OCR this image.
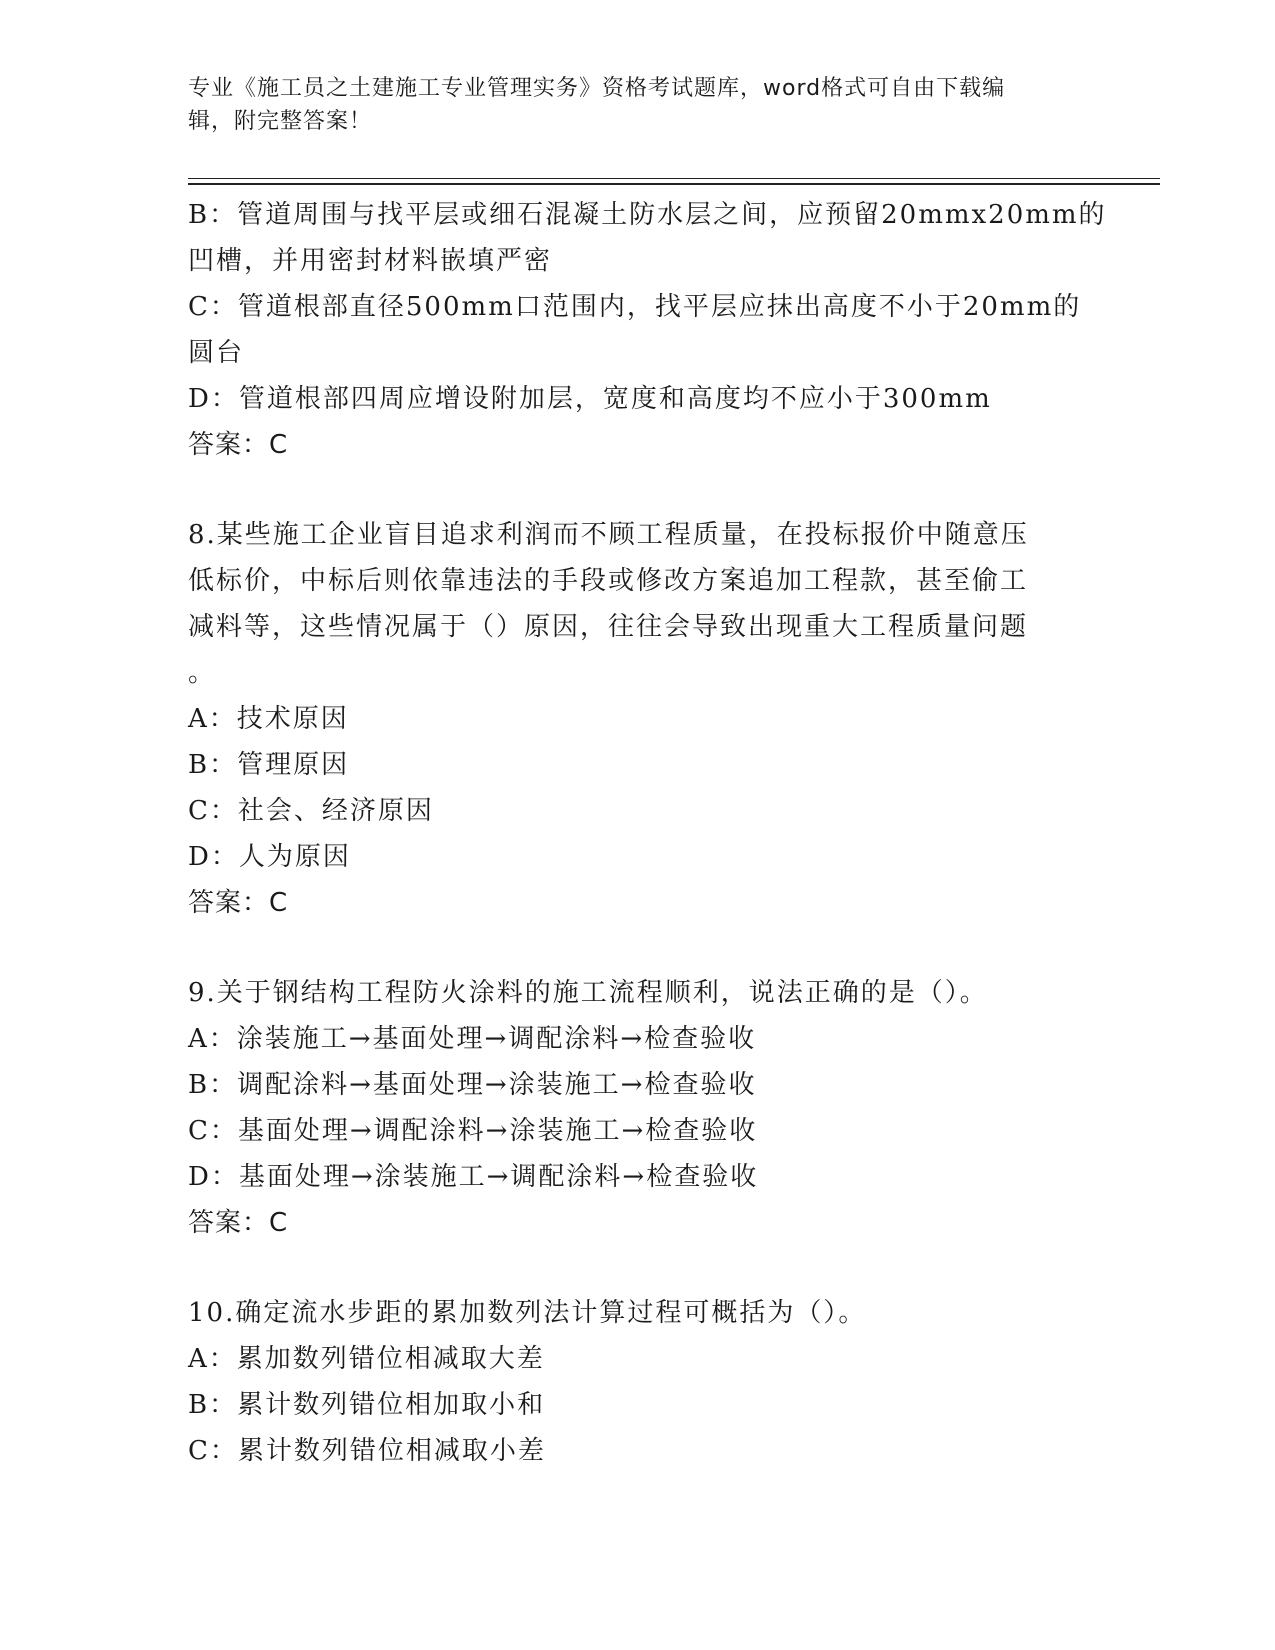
专业《施工员之土建施工专业管理实务》资格考试题库，word格式可自由下载编
辑，附完整答案！

B：管道周围与找平层或细石混凝土防水层之间，应预留20mmx20mm的

凹槽，并用密封材料嵌填严密

C：管道根部直径500mm口范围内，找平层应抹出高度不小于20mm的

圆台

D：管道根部四周应增设附加层，宽度和高度均不应小于300mm

答案：C

8.某些施工企业盲目追求利润而不顾工程质量，在投标报价中随意压

低标价，中标后则依靠违法的手段或修改方案追加工程款，甚至偷工

减料等，这些情况属于（）原因，往往会导致出现重大工程质量问题

。

A：技术原因

B：管理原因

C：社会、经济原因

D：人为原因

答案：C

9.关于钢结构工程防火涂料的施工流程顺利，说法正确的是（）。

A：涂装施工→基面处理→调配涂料→检查验收

B：调配涂料→基面处理→涂装施工→检查验收

C：基面处理→调配涂料→涂装施工→检查验收

D：基面处理→涂装施工→调配涂料→检查验收

答案：C

10.确定流水步距的累加数列法计算过程可概括为（）。

A：累加数列错位相减取大差

B：累计数列错位相加取小和

C：累计数列错位相减取小差
